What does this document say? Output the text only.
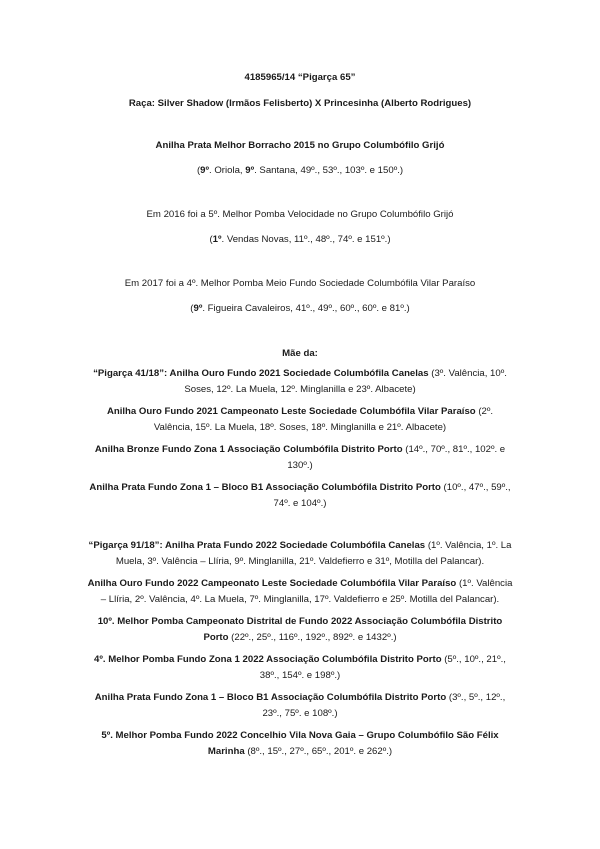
4185965/14 “Pigarça 65”
Raça: Silver Shadow (Irmãos Felisberto) X Princesinha (Alberto Rodrigues)
Anilha Prata Melhor Borracho 2015 no Grupo Columbófilo Grijó
(9º. Oriola, 9º. Santana, 49º., 53º., 103º. e 150º.)
Em 2016 foi a 5º. Melhor Pomba Velocidade no Grupo Columbófilo Grijó
(1º. Vendas Novas, 11º., 48º., 74º. e 151º.)
Em 2017 foi a 4º. Melhor Pomba Meio Fundo Sociedade Columbófila Vilar Paraíso
(9º. Figueira Cavaleiros, 41º., 49º., 60º., 60º. e 81º.)
Mãe da:
“Pigarça 41/18”: Anilha Ouro Fundo 2021 Sociedade Columbófila Canelas (3º. Valência, 10º.
Soses, 12º. La Muela, 12º. Minglanilla e 23º. Albacete)
Anilha Ouro Fundo 2021 Campeonato Leste Sociedade Columbófila Vilar Paraíso (2º.
Valência, 15º. La Muela, 18º. Soses, 18º. Minglanilla e 21º. Albacete)
Anilha Bronze Fundo Zona 1 Associação Columbófila Distrito Porto (14º., 70º., 81º., 102º. e
130º.)
Anilha Prata Fundo Zona 1 – Bloco B1 Associação Columbófila Distrito Porto (10º., 47º., 59º.,
74º. e 104º.)
“Pigarça 91/18”: Anilha Prata Fundo 2022 Sociedade Columbófila Canelas (1º. Valência, 1º. La
Muela, 3º. Valência – Llíria, 9º. Minglanilla, 21º. Valdefierro e 31º, Motilla del Palancar).
Anilha Ouro Fundo 2022 Campeonato Leste Sociedade Columbófila Vilar Paraíso (1º. Valência
– Llíria, 2º. Valência, 4º. La Muela, 7º. Minglanilla, 17º. Valdefierro e 25º. Motilla del Palancar).
10º. Melhor Pomba Campeonato Distrital de Fundo 2022 Associação Columbófila Distrito
Porto (22º., 25º., 116º., 192º., 892º. e 1432º.)
4º. Melhor Pomba Fundo Zona 1 2022 Associação Columbófila Distrito Porto (5º., 10º., 21º.,
38º., 154º. e 198º.)
Anilha Prata Fundo Zona 1 – Bloco B1 Associação Columbófila Distrito Porto (3º., 5º., 12º.,
23º., 75º. e 108º.)
5º. Melhor Pomba Fundo 2022 Concelhio Vila Nova Gaia – Grupo Columbófilo São Félix
Marinha (8º., 15º., 27º., 65º., 201º. e 262º.)
